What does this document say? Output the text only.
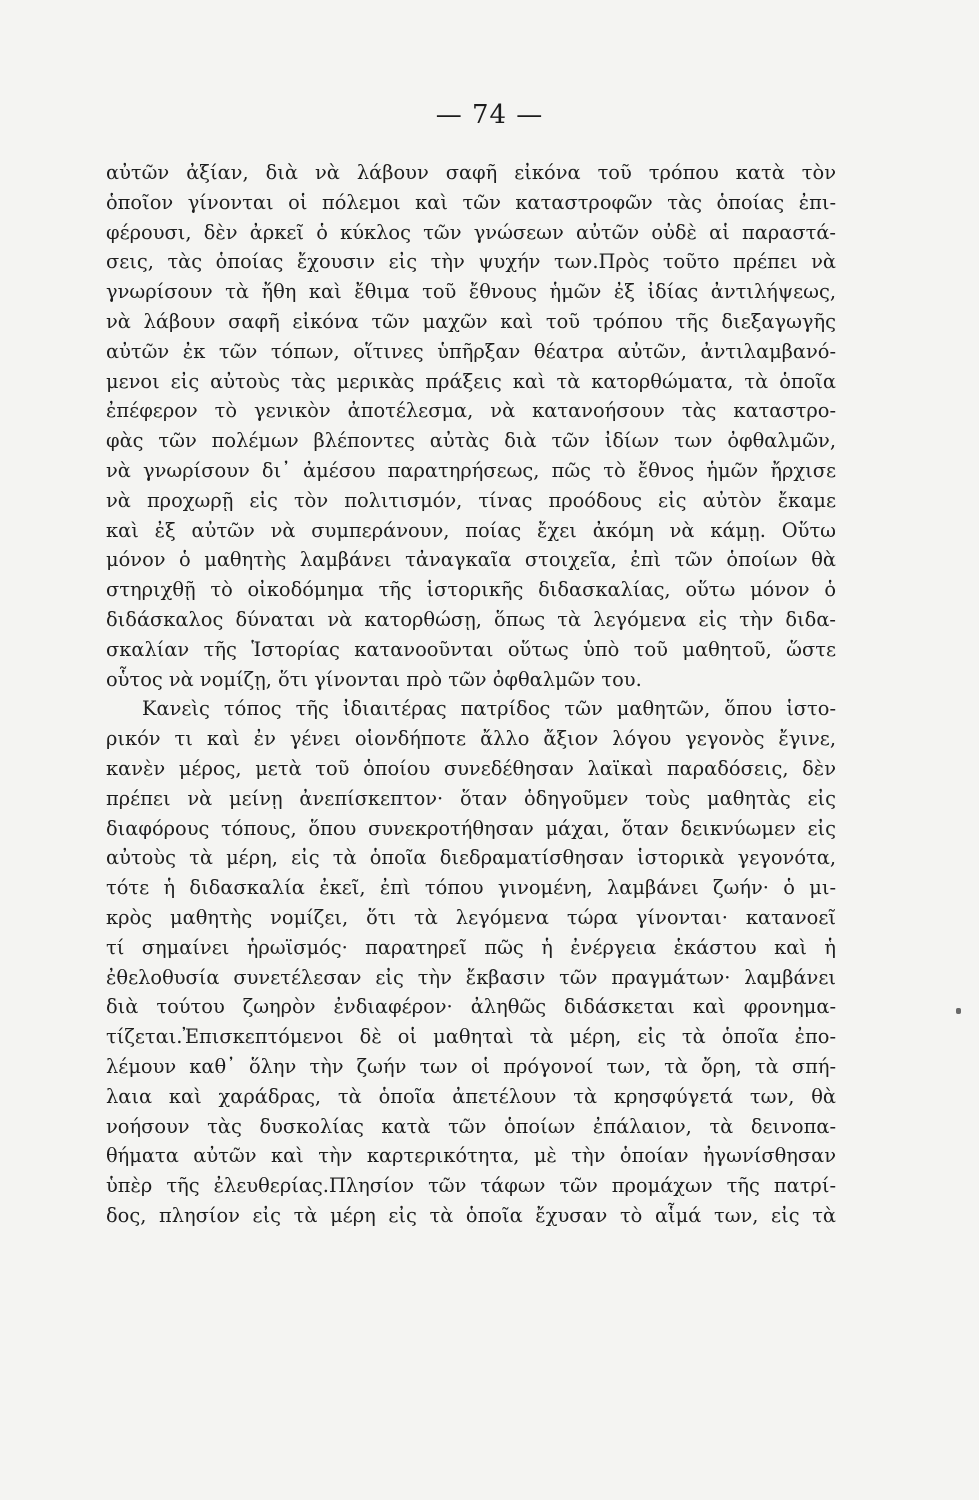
— 74 —
αὐτῶν ἀξίαν, διὰ νὰ λάβουν σαφῆ εἰκόνα τοῦ τρόπου κατὰ τὸν
ὁποῖον γίνονται οἱ πόλεμοι καὶ τῶν καταστροφῶν τὰς ὁποίας ἐπι-
φέρουσι, δὲν ἀρκεῖ ὁ κύκλος τῶν γνώσεων αὐτῶν οὐδὲ αἱ παραστά-
σεις, τὰς ὁποίας ἔχουσιν εἰς τὴν ψυχήν των.Πρὸς τοῦτο πρέπει νὰ
γνωρίσουν τὰ ἤθη καὶ ἔθιμα τοῦ ἔθνους ἡμῶν ἐξ ἰδίας ἀντιλήψεως,
νὰ λάβουν σαφῆ εἰκόνα τῶν μαχῶν καὶ τοῦ τρόπου τῆς διεξαγωγῆς
αὐτῶν ἐκ τῶν τόπων, οἵτινες ὑπῆρξαν θέατρα αὐτῶν, ἀντιλαμβανό-
μενοι εἰς αὐτοὺς τὰς μερικὰς πράξεις καὶ τὰ κατορθώματα, τὰ ὁποῖα
ἐπέφερον τὸ γενικὸν ἀποτέλεσμα, νὰ κατανοήσουν τὰς καταστρο-
φὰς τῶν πολέμων βλέποντες αὐτὰς διὰ τῶν ἰδίων των ὀφθαλμῶν,
νὰ γνωρίσουν δι᾽ ἀμέσου παρατηρήσεως, πῶς τὸ ἔθνος ἡμῶν ἤρχισε
νὰ προχωρῇ εἰς τὸν πολιτισμόν, τίνας προόδους εἰς αὐτὸν ἔκαμε
καὶ ἐξ αὐτῶν νὰ συμπεράνουν, ποίας ἔχει ἀκόμη νὰ κάμῃ. Οὕτω
μόνον ὁ μαθητὴς λαμβάνει τἀναγκαῖα στοιχεῖα, ἐπὶ τῶν ὁποίων θὰ
στηριχθῇ τὸ οἰκοδόμημα τῆς ἱστορικῆς διδασκαλίας, οὕτω μόνον ὁ
διδάσκαλος δύναται νὰ κατορθώσῃ, ὅπως τὰ λεγόμενα εἰς τὴν διδα-
σκαλίαν τῆς Ἱστορίας κατανοοῦνται οὕτως ὑπὸ τοῦ μαθητοῦ, ὥστε
οὗτος νὰ νομίζῃ, ὅτι γίνονται πρὸ τῶν ὀφθαλμῶν του.
Κανεὶς τόπος τῆς ἰδιαιτέρας πατρίδος τῶν μαθητῶν, ὅπου ἱστο-
ρικόν τι καὶ ἐν γένει οἱονδήποτε ἄλλο ἄξιον λόγου γεγονὸς ἔγινε,
κανὲν μέρος, μετὰ τοῦ ὁποίου συνεδέθησαν λαϊκαὶ παραδόσεις, δὲν
πρέπει νὰ μείνῃ ἀνεπίσκεπτον· ὅταν ὁδηγοῦμεν τοὺς μαθητὰς εἰς
διαφόρους τόπους, ὅπου συνεκροτήθησαν μάχαι, ὅταν δεικνύωμεν εἰς
αὐτοὺς τὰ μέρη, εἰς τὰ ὁποῖα διεδραματίσθησαν ἱστορικὰ γεγονότα,
τότε ἡ διδασκαλία ἐκεῖ, ἐπὶ τόπου γινομένη, λαμβάνει ζωήν· ὁ μι-
κρὸς μαθητὴς νομίζει, ὅτι τὰ λεγόμενα τώρα γίνονται· κατανοεῖ
τί σημαίνει ἡρωϊσμός· παρατηρεῖ πῶς ἡ ἐνέργεια ἑκάστου καὶ ἡ
ἐθελοθυσία συνετέλεσαν εἰς τὴν ἔκβασιν τῶν πραγμάτων· λαμβάνει
διὰ τούτου ζωηρὸν ἐνδιαφέρον· ἀληθῶς διδάσκεται καὶ φρονημα-
τίζεται.Ἐπισκεπτόμενοι δὲ οἱ μαθηταὶ τὰ μέρη, εἰς τὰ ὁποῖα ἐπο-
λέμουν καθ᾽ ὅλην τὴν ζωήν των οἱ πρόγονοί των, τὰ ὄρη, τὰ σπή-
λαια καὶ χαράδρας, τὰ ὁποῖα ἀπετέλουν τὰ κρησφύγετά των, θὰ
νοήσουν τὰς δυσκολίας κατὰ τῶν ὁποίων ἐπάλαιον, τὰ δεινοπα-
θήματα αὐτῶν καὶ τὴν καρτερικότητα, μὲ τὴν ὁποίαν ἠγωνίσθησαν
ὑπὲρ τῆς ἐλευθερίας.Πλησίον τῶν τάφων τῶν προμάχων τῆς πατρί-
δος, πλησίον εἰς τὰ μέρη εἰς τὰ ὁποῖα ἔχυσαν τὸ αἷμά των, εἰς τὰ
